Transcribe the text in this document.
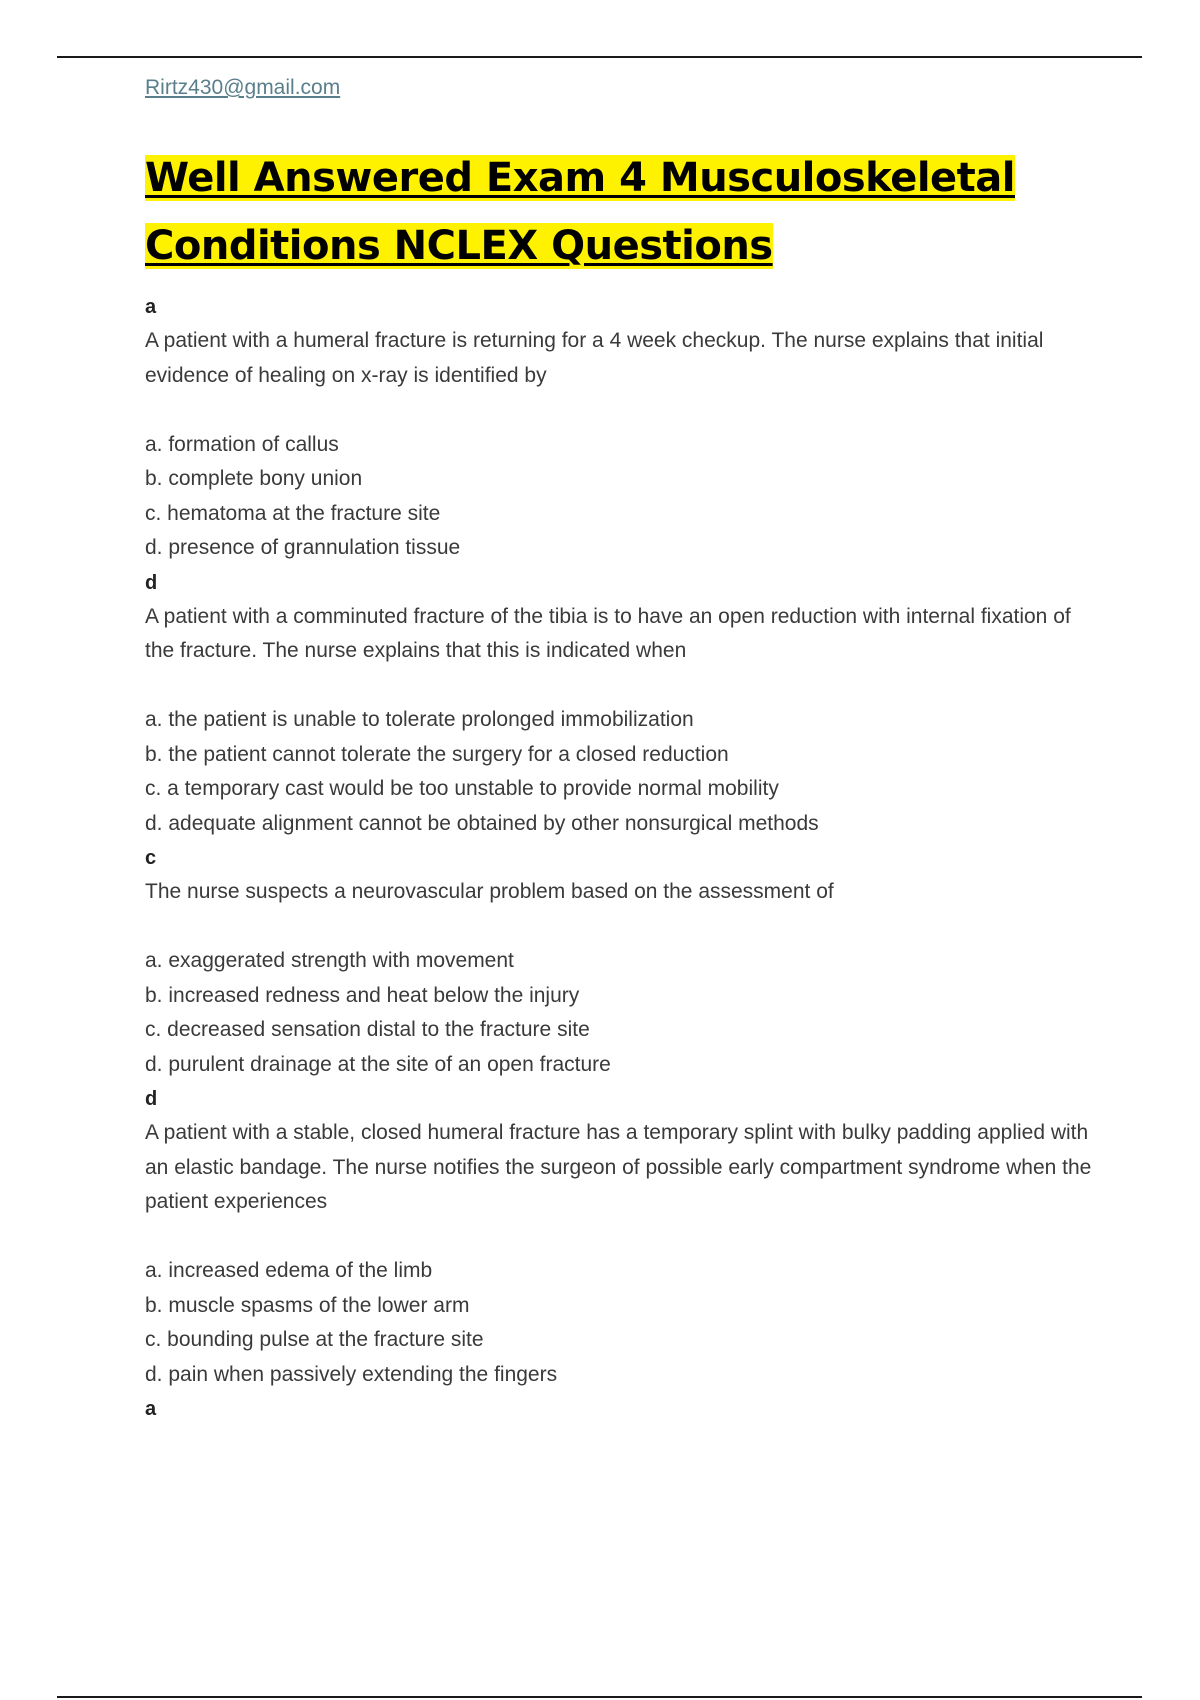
Rirtz430@gmail.com
Well Answered Exam 4 Musculoskeletal
Conditions NCLEX Questions
a

A patient with a humeral fracture is returning for a 4 week checkup. The nurse explains that initial evidence of healing on x-ray is identified by

a. formation of callus
b. complete bony union
c. hematoma at the fracture site
d. presence of grannulation tissue
d

A patient with a comminuted fracture of the tibia is to have an open reduction with internal fixation of the fracture. The nurse explains that this is indicated when

a. the patient is unable to tolerate prolonged immobilization
b. the patient cannot tolerate the surgery for a closed reduction
c. a temporary cast would be too unstable to provide normal mobility
d. adequate alignment cannot be obtained by other nonsurgical methods
c

The nurse suspects a neurovascular problem based on the assessment of

a. exaggerated strength with movement
b. increased redness and heat below the injury
c. decreased sensation distal to the fracture site
d. purulent drainage at the site of an open fracture
d

A patient with a stable, closed humeral fracture has a temporary splint with bulky padding applied with an elastic bandage. The nurse notifies the surgeon of possible early compartment syndrome when the patient experiences

a. increased edema of the limb
b. muscle spasms of the lower arm
c. bounding pulse at the fracture site
d. pain when passively extending the fingers
a
